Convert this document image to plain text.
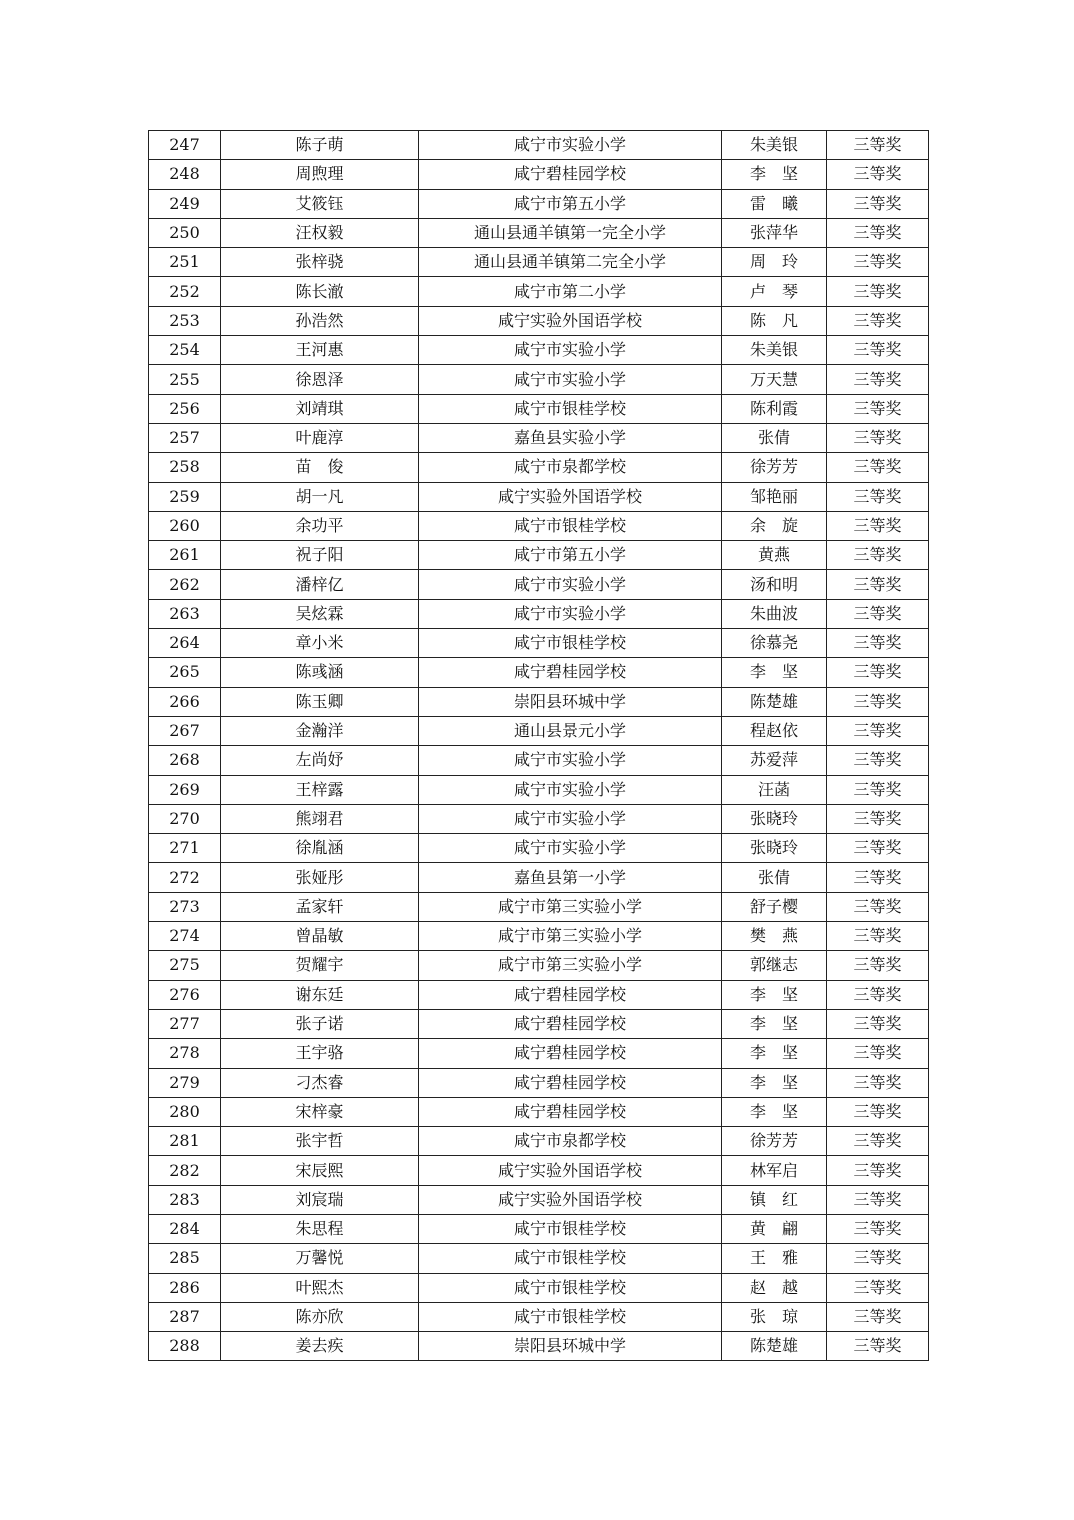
247	陈子萌	咸宁市实验小学	朱美银	三等奖
248	周煦理	咸宁碧桂园学校	李　坚	三等奖
249	艾筱钰	咸宁市第五小学	雷　曦	三等奖
250	汪权毅	通山县通羊镇第一完全小学	张萍华	三等奖
251	张梓骁	通山县通羊镇第二完全小学	周　玲	三等奖
252	陈长澈	咸宁市第二小学	卢　琴	三等奖
253	孙浩然	咸宁实验外国语学校	陈　凡	三等奖
254	王河惠	咸宁市实验小学	朱美银	三等奖
255	徐恩泽	咸宁市实验小学	万天慧	三等奖
256	刘靖琪	咸宁市银桂学校	陈利霞	三等奖
257	叶鹿淳	嘉鱼县实验小学	张倩	三等奖
258	苗　俊	咸宁市泉都学校	徐芳芳	三等奖
259	胡一凡	咸宁实验外国语学校	邹艳丽	三等奖
260	余功平	咸宁市银桂学校	余　旋	三等奖
261	祝子阳	咸宁市第五小学	黄燕	三等奖
262	潘梓亿	咸宁市实验小学	汤和明	三等奖
263	吴炫霖	咸宁市实验小学	朱曲波	三等奖
264	章小米	咸宁市银桂学校	徐慕尧	三等奖
265	陈彧涵	咸宁碧桂园学校	李　坚	三等奖
266	陈玉卿	崇阳县环城中学	陈楚雄	三等奖
267	金瀚洋	通山县景元小学	程赵依	三等奖
268	左尚妤	咸宁市实验小学	苏爱萍	三等奖
269	王梓露	咸宁市实验小学	汪菡	三等奖
270	熊翊君	咸宁市实验小学	张晓玲	三等奖
271	徐胤涵	咸宁市实验小学	张晓玲	三等奖
272	张娅彤	嘉鱼县第一小学	张倩	三等奖
273	孟家轩	咸宁市第三实验小学	舒子樱	三等奖
274	曾晶敏	咸宁市第三实验小学	樊　燕	三等奖
275	贺耀宇	咸宁市第三实验小学	郭继志	三等奖
276	谢东廷	咸宁碧桂园学校	李　坚	三等奖
277	张子诺	咸宁碧桂园学校	李　坚	三等奖
278	王宇骆	咸宁碧桂园学校	李　坚	三等奖
279	刁杰睿	咸宁碧桂园学校	李　坚	三等奖
280	宋梓豪	咸宁碧桂园学校	李　坚	三等奖
281	张宇哲	咸宁市泉都学校	徐芳芳	三等奖
282	宋辰熙	咸宁实验外国语学校	林军启	三等奖
283	刘宸瑞	咸宁实验外国语学校	镇　红	三等奖
284	朱思程	咸宁市银桂学校	黄　翩	三等奖
285	万馨悦	咸宁市银桂学校	王　雅	三等奖
286	叶熙杰	咸宁市银桂学校	赵　越	三等奖
287	陈亦欣	咸宁市银桂学校	张　琼	三等奖
288	姜去疾	崇阳县环城中学	陈楚雄	三等奖
